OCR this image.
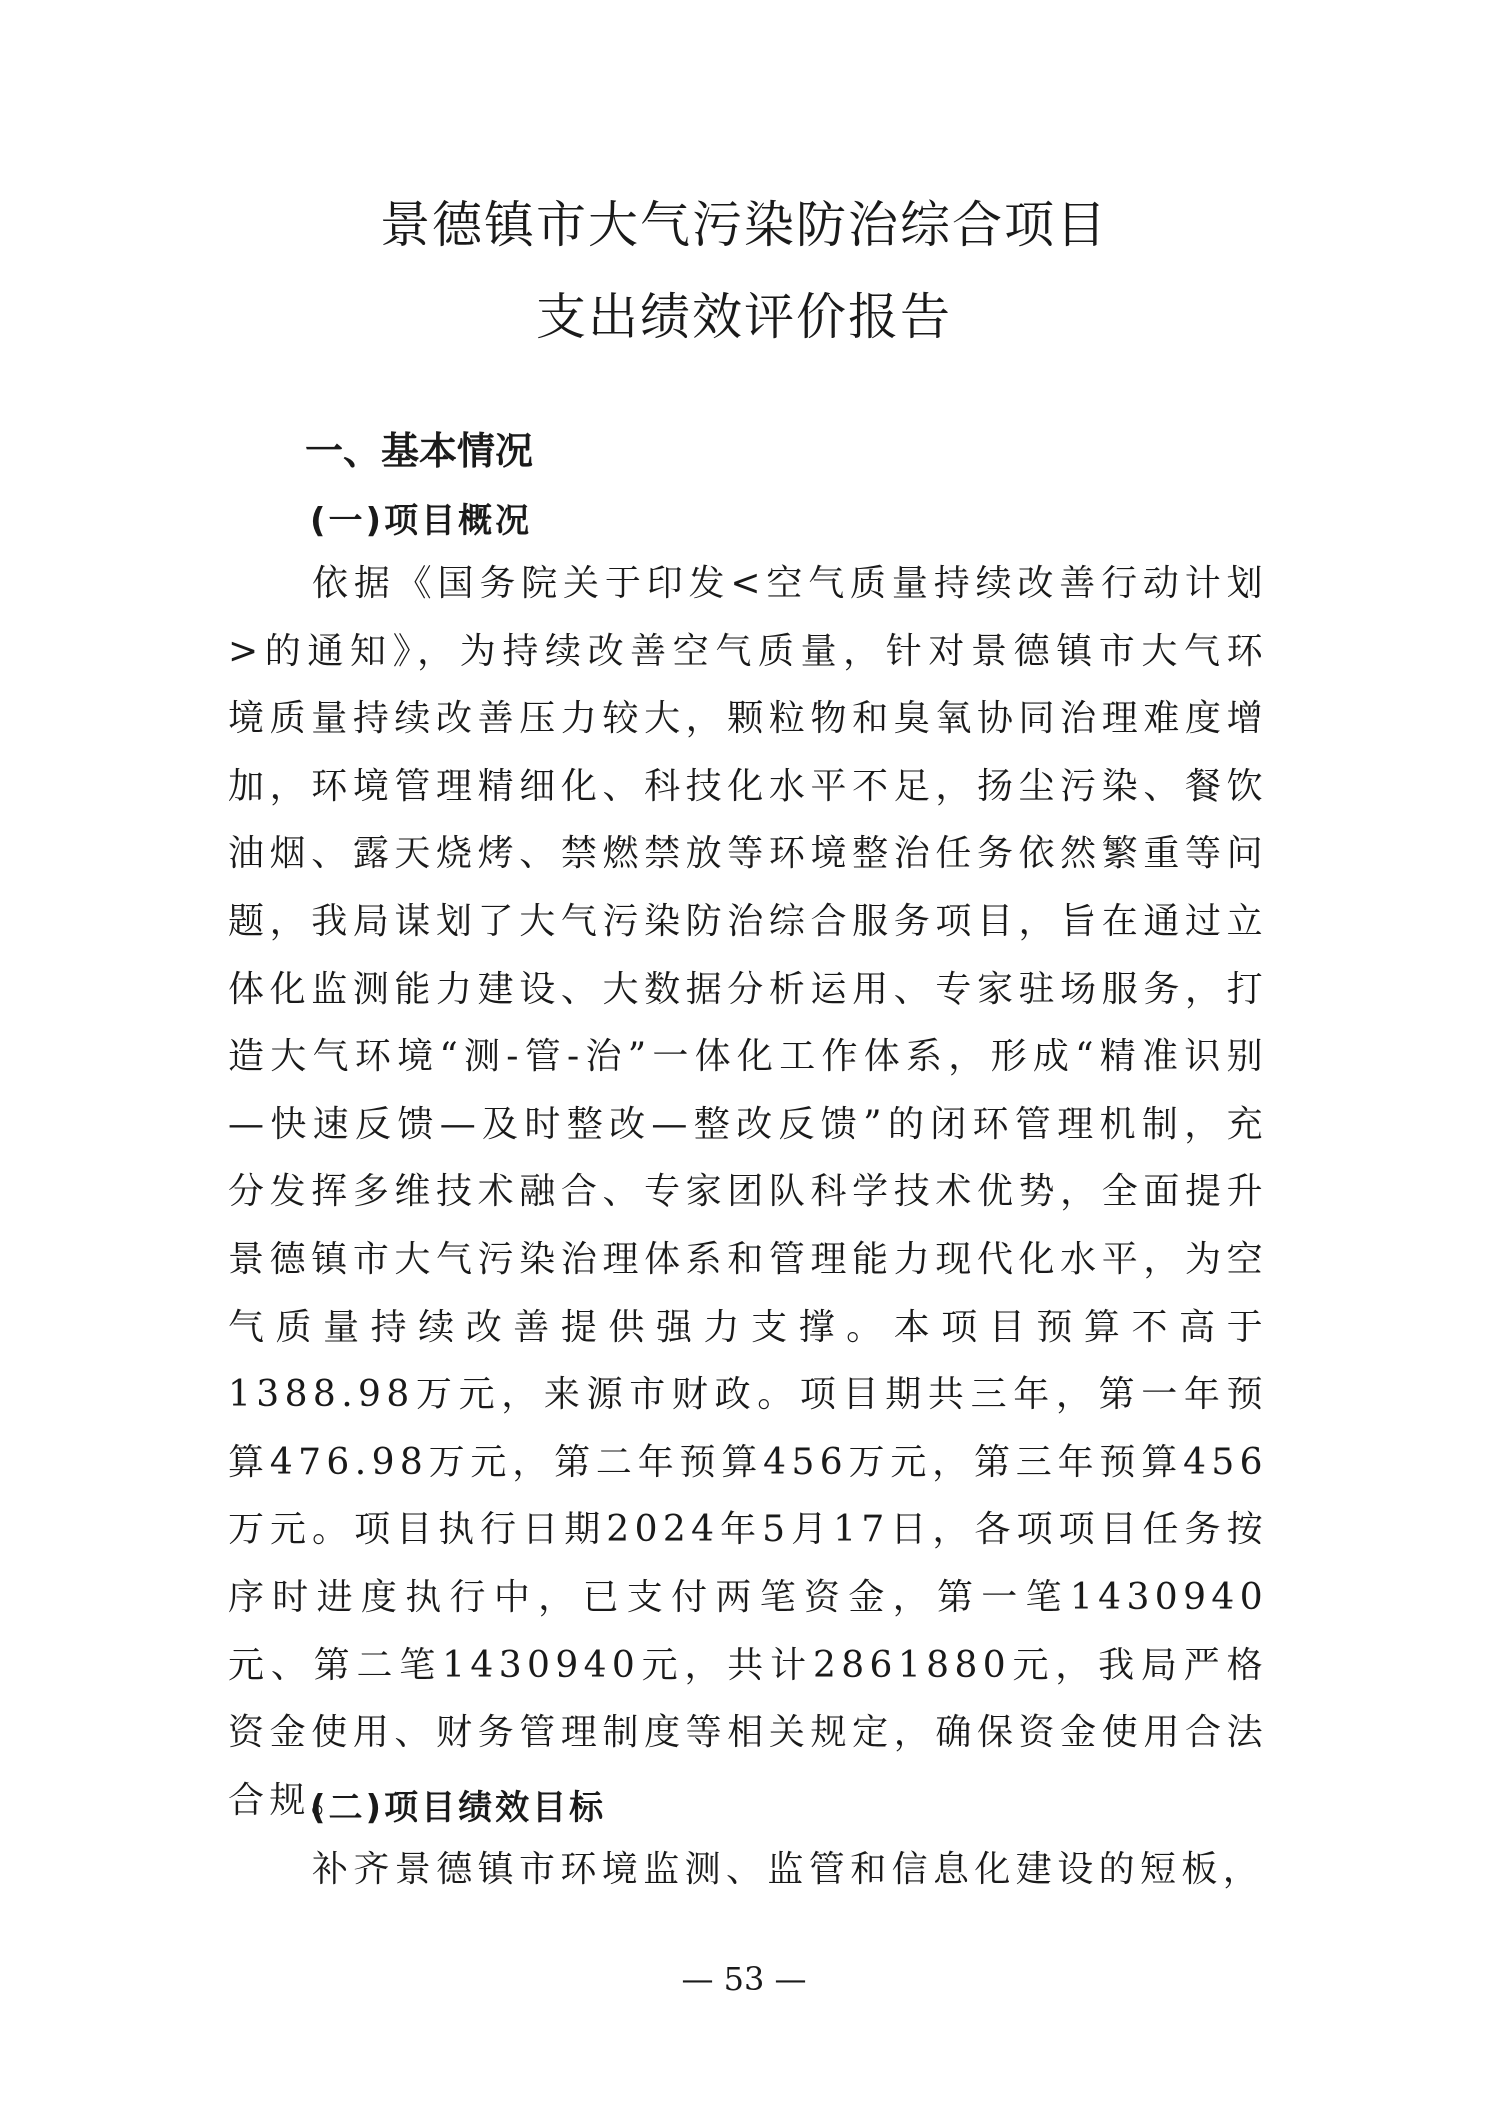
景德镇市大气污染防治综合项目
支出绩效评价报告
一、基本情况
(一)项目概况

依据《国务院关于印发<空气质量持续改善行动计划>的通知》，为持续改善空气质量，针对景德镇市大气环境质量持续改善压力较大，颗粒物和臭氧协同治理难度增加，环境管理精细化、科技化水平不足，扬尘污染、餐饮油烟、露天烧烤、禁燃禁放等环境整治任务依然繁重等问题，我局谋划了大气污染防治综合服务项目，旨在通过立体化监测能力建设、大数据分析运用、专家驻场服务，打造大气环境“测-管-治”一体化工作体系，形成“精准识别—快速反馈—及时整改—整改反馈”的闭环管理机制，充分发挥多维技术融合、专家团队科学技术优势，全面提升景德镇市大气污染治理体系和管理能力现代化水平，为空气质量持续改善提供强力支撑。本项目预算不高于1388.98万元，来源市财政。项目期共三年，第一年预算476.98万元，第二年预算456万元，第三年预算456万元。项目执行日期2024年5月17日，各项项目任务按序时进度执行中，已支付两笔资金，第一笔1430940元、第二笔1430940元，共计2861880元，我局严格资金使用、财务管理制度等相关规定，确保资金使用合法合规。

(二)项目绩效目标

补齐景德镇市环境监测、监管和信息化建设的短板，

— 53 —
